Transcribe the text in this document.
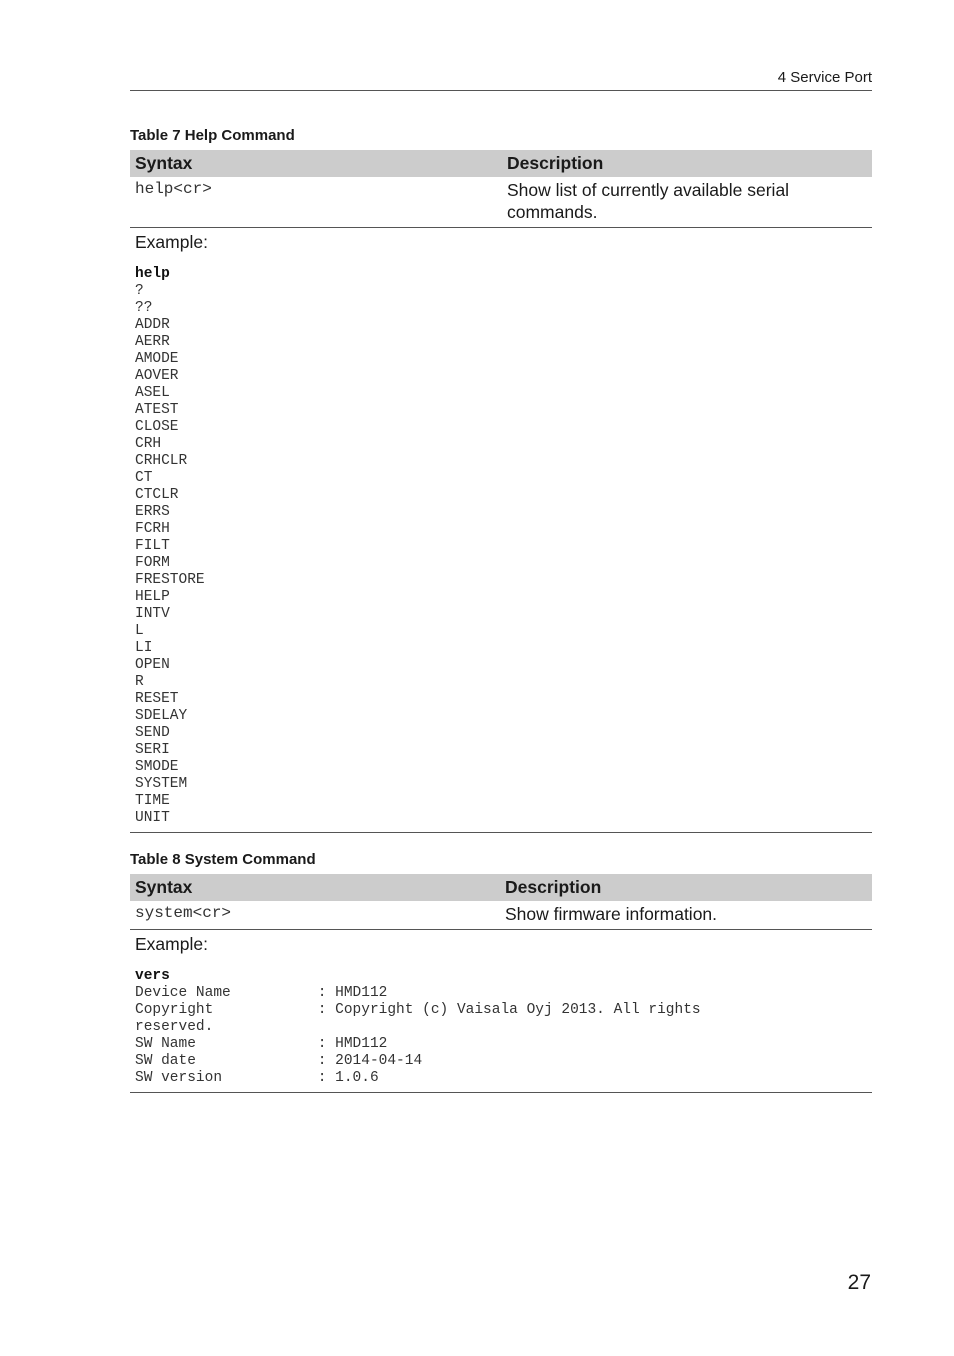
4 Service Port
Table 7 Help Command
Syntax	Description
help<cr>	Show list of currently available serial commands.
Example:
help
?
??
ADDR
AERR
AMODE
AOVER
ASEL
ATEST
CLOSE
CRH
CRHCLR
CT
CTCLR
ERRS
FCRH
FILT
FORM
FRESTORE
HELP
INTV
L
LI
OPEN
R
RESET
SDELAY
SEND
SERI
SMODE
SYSTEM
TIME
UNIT
Table 8 System Command
Syntax	Description
system<cr>	Show firmware information.
Example:
vers
Device Name          : HMD112
Copyright            : Copyright (c) Vaisala Oyj 2013. All rights
reserved.
SW Name              : HMD112
SW date              : 2014-04-14
SW version           : 1.0.6
27
